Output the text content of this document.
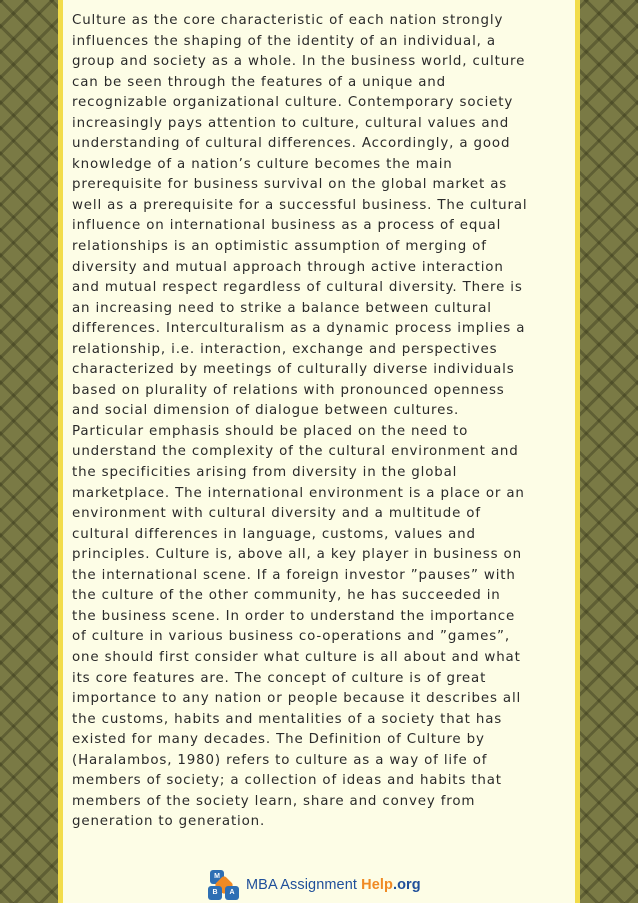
Culture as the core characteristic of each nation strongly
influences the shaping of the identity of an individual, a
group and society as a whole. In the business world, culture
can be seen through the features of a unique and
recognizable organizational culture. Contemporary society
increasingly pays attention to culture, cultural values and
understanding of cultural differences. Accordingly, a good
knowledge of a nation’s culture becomes the main
prerequisite for business survival on the global market as
well as a prerequisite for a successful business. The cultural
influence on international business as a process of equal
relationships is an optimistic assumption of merging of
diversity and mutual approach through active interaction
and mutual respect regardless of cultural diversity. There is
an increasing need to strike a balance between cultural
differences. Interculturalism as a dynamic process implies a
relationship, i.e. interaction, exchange and perspectives
characterized by meetings of culturally diverse individuals
based on plurality of relations with pronounced openness
and social dimension of dialogue between cultures.
Particular emphasis should be placed on the need to
understand the complexity of the cultural environment and
the specificities arising from diversity in the global
marketplace. The international environment is a place or an
environment with cultural diversity and a multitude of
cultural differences in language, customs, values and
principles. Culture is, above all, a key player in business on
the international scene. If a foreign investor ”pauses” with
the culture of the other community, he has succeeded in
the business scene. In order to understand the importance
of culture in various business co-operations and ”games”,
one should first consider what culture is all about and what
its core features are. The concept of culture is of great
importance to any nation or people because it describes all
the customs, habits and mentalities of a society that has
existed for many decades. The Definition of Culture by
(Haralambos, 1980) refers to culture as a way of life of
members of society; a collection of ideas and habits that
members of the society learn, share and convey from
generation to generation.

M
B	A MBA Assignment Help.org
